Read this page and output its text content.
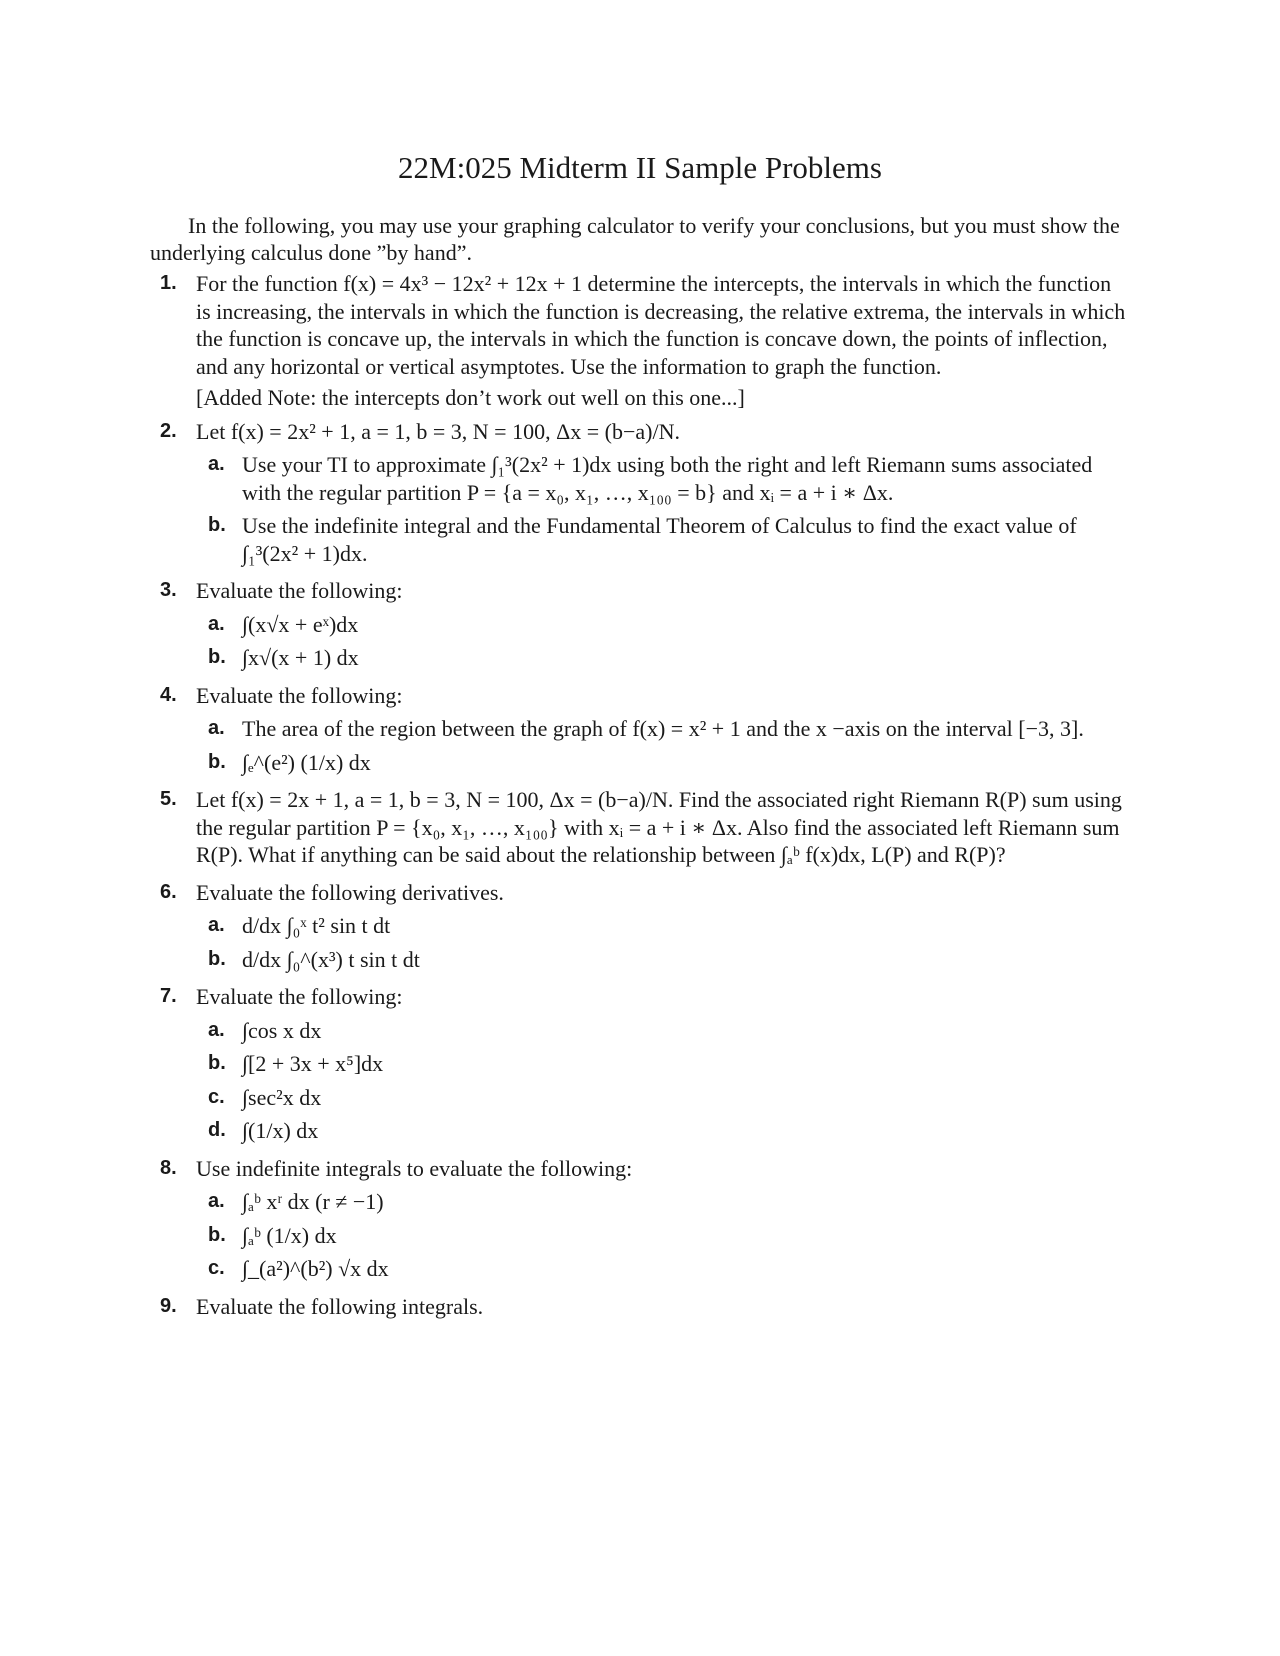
22M:025 Midterm II Sample Problems
In the following, you may use your graphing calculator to verify your conclusions, but you must show the underlying calculus done ”by hand”.
1. For the function f(x) = 4x³ − 12x² + 12x + 1 determine the intercepts, the intervals in which the function is increasing, the intervals in which the function is decreasing, the relative extrema, the intervals in which the function is concave up, the intervals in which the function is concave down, the points of inflection, and any horizontal or vertical asymptotes. Use the information to graph the function.
[Added Note: the intercepts don’t work out well on this one...]
2. Let f(x) = 2x² + 1, a = 1, b = 3, N = 100, Δx = (b−a)/N.
a. Use your TI to approximate ∫₁³(2x² + 1)dx using both the right and left Riemann sums associated with the regular partition P = {a = x₀, x₁, …, x₁₀₀ = b} and xᵢ = a + i ∗ Δx.
b. Use the indefinite integral and the Fundamental Theorem of Calculus to find the exact value of ∫₁³(2x² + 1)dx.
3. Evaluate the following:
a. ∫(x√x + eˣ)dx
b. ∫x√(x + 1) dx
4. Evaluate the following:
a. The area of the region between the graph of f(x) = x² + 1 and the x −axis on the interval [−3, 3].
b. ∫ₑ^(e²) (1/x) dx
5. Let f(x) = 2x + 1, a = 1, b = 3, N = 100, Δx = (b−a)/N. Find the associated right Riemann R(P) sum using the regular partition P = {x₀, x₁, …, x₁₀₀} with xᵢ = a + i ∗ Δx. Also find the associated left Riemann sum R(P). What if anything can be said about the relationship between ∫ₐᵇ f(x)dx, L(P) and R(P)?
6. Evaluate the following derivatives.
a. d/dx ∫₀ˣ t² sin t dt
b. d/dx ∫₀^(x³) t sin t dt
7. Evaluate the following:
a. ∫cos x dx
b. ∫[2 + 3x + x⁵]dx
c. ∫sec²x dx
d. ∫(1/x) dx
8. Use indefinite integrals to evaluate the following:
a. ∫ₐᵇ xʳ dx (r ≠ −1)
b. ∫ₐᵇ (1/x) dx
c. ∫_(a²)^(b²) √x dx
9. Evaluate the following integrals.
